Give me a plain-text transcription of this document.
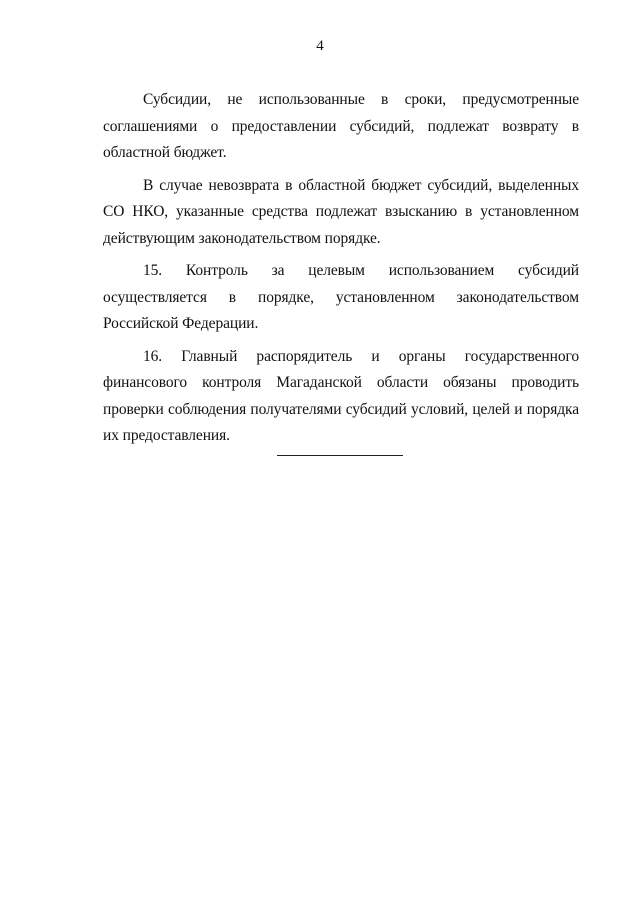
4

Субсидии, не использованные в сроки, предусмотренные соглашениями о предоставлении субсидий, подлежат возврату в областной бюджет.

В случае невозврата в областной бюджет субсидий, выделенных СО НКО, указанные средства подлежат взысканию в установленном действующим законодательством порядке.

15. Контроль за целевым использованием субсидий осуществляется в порядке, установленном законодательством Российской Федерации.

16. Главный распорядитель и органы государственного финансового контроля Магаданской области обязаны проводить проверки соблюдения получателями субсидий условий, целей и порядка их предоставления.
